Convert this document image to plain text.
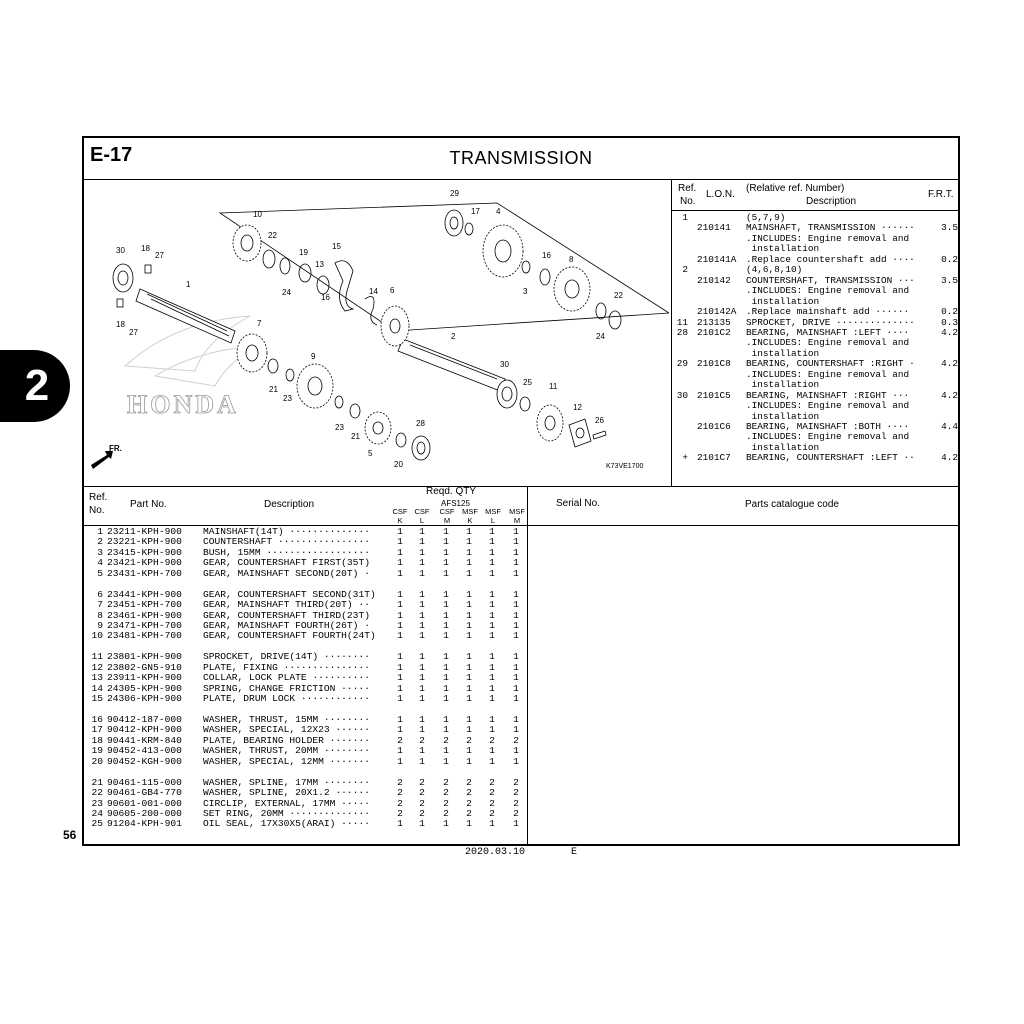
2
56
E-17	TRANSMISSION
Ref.
No.
L.O.N.
(Relative ref. Number)
Description
F.R.T.
1	(5,7,9)
210141 MAINSHAFT, TRANSMISSION ······	3.5
.INCLUDES: Engine removal and
installation
210141A .Replace countershaft add ····	0.2
2	(4,6,8,10)
210142 COUNTERSHAFT, TRANSMISSION ···	3.5
.INCLUDES: Engine removal and
installation
210142A .Replace mainshaft add ······	0.2
11 213135 SPROCKET, DRIVE ··············	0.3
28 2101C2 BEARING, MAINSHAFT :LEFT ····	4.2
.INCLUDES: Engine removal and
installation
29 2101C8 BEARING, COUNTERSHAFT :RIGHT ·	4.2
.INCLUDES: Engine removal and
installation
30 2101C5 BEARING, MAINSHAFT :RIGHT ···	4.2
.INCLUDES: Engine removal and
installation
2101C6 BEARING, MAINSHAFT :BOTH ····	4.4
.INCLUDES: Engine removal and
installation
+ 2101C7 BEARING, COUNTERSHAFT :LEFT ··	4.2
HONDA
FR.
K73VE1700
10
22
30 18
27
1
18
27
19
13
15
24
16
14 6
7
9
21
23
23
21
5
20
28
29
17 4
2
30
25
16
3
8
22
24
11
12
26
Ref.
No.
Part No.	Description
Reqd. QTY
AFS125	Serial No.	Parts catalogue code
CSF
K
CSF
L
CSF
M
MSF
K
MSF
L
MSF
M
1 23211-KPH-900 MAINSHAFT(14T) ··············	1	1	1	1	1	1
2 23221-KPH-900 COUNTERSHAFT ················	1	1	1	1	1	1
3 23415-KPH-900 BUSH, 15MM ··················	1	1	1	1	1	1
4 23421-KPH-900 GEAR, COUNTERSHAFT FIRST(35T)	1	1	1	1	1	1
5 23431-KPH-700 GEAR, MAINSHAFT SECOND(20T) ·	1	1	1	1	1	1
6 23441-KPH-900 GEAR, COUNTERSHAFT SECOND(31T)	1	1	1	1	1	1
7 23451-KPH-700 GEAR, MAINSHAFT THIRD(20T) ··	1	1	1	1	1	1
8 23461-KPH-900 GEAR, COUNTERSHAFT THIRD(23T)	1	1	1	1	1	1
9 23471-KPH-700 GEAR, MAINSHAFT FOURTH(26T) ·	1	1	1	1	1	1
10 23481-KPH-700 GEAR, COUNTERSHAFT FOURTH(24T)	1	1	1	1	1	1
11 23801-KPH-900 SPROCKET, DRIVE(14T) ········	1	1	1	1	1	1
12 23802-GN5-910 PLATE, FIXING ···············	1	1	1	1	1	1
13 23911-KPH-900 COLLAR, LOCK PLATE ··········	1	1	1	1	1	1
14 24305-KPH-900 SPRING, CHANGE FRICTION ·····	1	1	1	1	1	1
15 24306-KPH-900 PLATE, DRUM LOCK ············	1	1	1	1	1	1
16 90412-187-000 WASHER, THRUST, 15MM ········	1	1	1	1	1	1
17 90412-KPH-900 WASHER, SPECIAL, 12X23 ······	1	1	1	1	1	1
18 90441-KRM-840 PLATE, BEARING HOLDER ·······	2	2	2	2	2	2
19 90452-413-000 WASHER, THRUST, 20MM ········	1	1	1	1	1	1
20 90452-KGH-900 WASHER, SPECIAL, 12MM ·······	1	1	1	1	1	1
21 90461-115-000 WASHER, SPLINE, 17MM ········	2	2	2	2	2	2
22 90461-GB4-770 WASHER, SPLINE, 20X1.2 ······	2	2	2	2	2	2
23 90601-001-000 CIRCLIP, EXTERNAL, 17MM ·····	2	2	2	2	2	2
24 90605-200-000 SET RING, 20MM ··············	2	2	2	2	2	2
25 91204-KPH-901 OIL SEAL, 17X30X5(ARAI) ·····	1	1	1	1	1	1
2020.03.10	E
